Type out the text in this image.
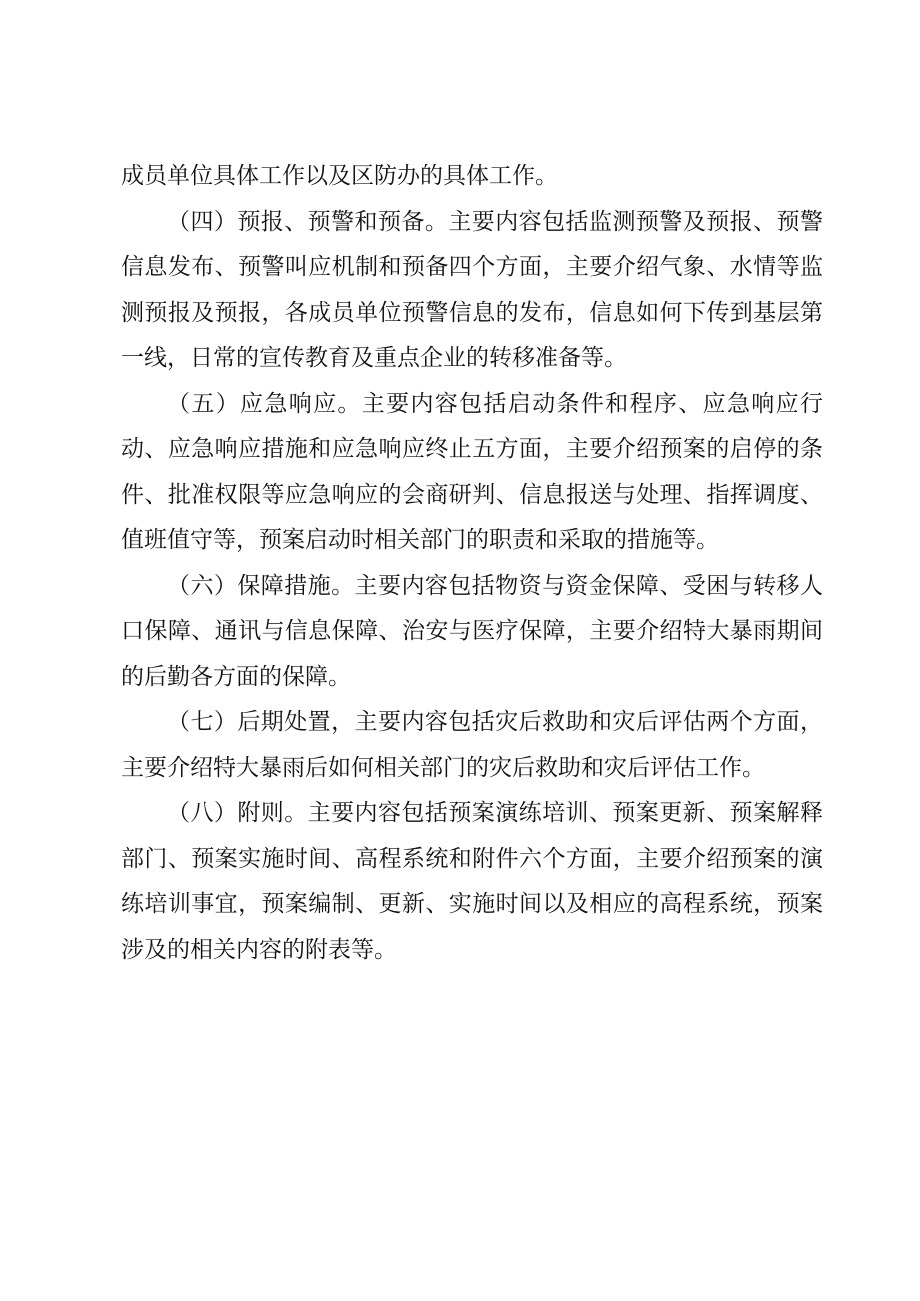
成员单位具体工作以及区防办的具体工作。

（四）预报、预警和预备。主要内容包括监测预警及预报、预警信息发布、预警叫应机制和预备四个方面，主要介绍气象、水情等监测预报及预报，各成员单位预警信息的发布，信息如何下传到基层第一线，日常的宣传教育及重点企业的转移准备等。

（五）应急响应。主要内容包括启动条件和程序、应急响应行动、应急响应措施和应急响应终止五方面，主要介绍预案的启停的条件、批准权限等应急响应的会商研判、信息报送与处理、指挥调度、值班值守等，预案启动时相关部门的职责和采取的措施等。

（六）保障措施。主要内容包括物资与资金保障、受困与转移人口保障、通讯与信息保障、治安与医疗保障，主要介绍特大暴雨期间的后勤各方面的保障。

（七）后期处置，主要内容包括灾后救助和灾后评估两个方面，主要介绍特大暴雨后如何相关部门的灾后救助和灾后评估工作。

（八）附则。主要内容包括预案演练培训、预案更新、预案解释部门、预案实施时间、高程系统和附件六个方面，主要介绍预案的演练培训事宜，预案编制、更新、实施时间以及相应的高程系统，预案涉及的相关内容的附表等。
